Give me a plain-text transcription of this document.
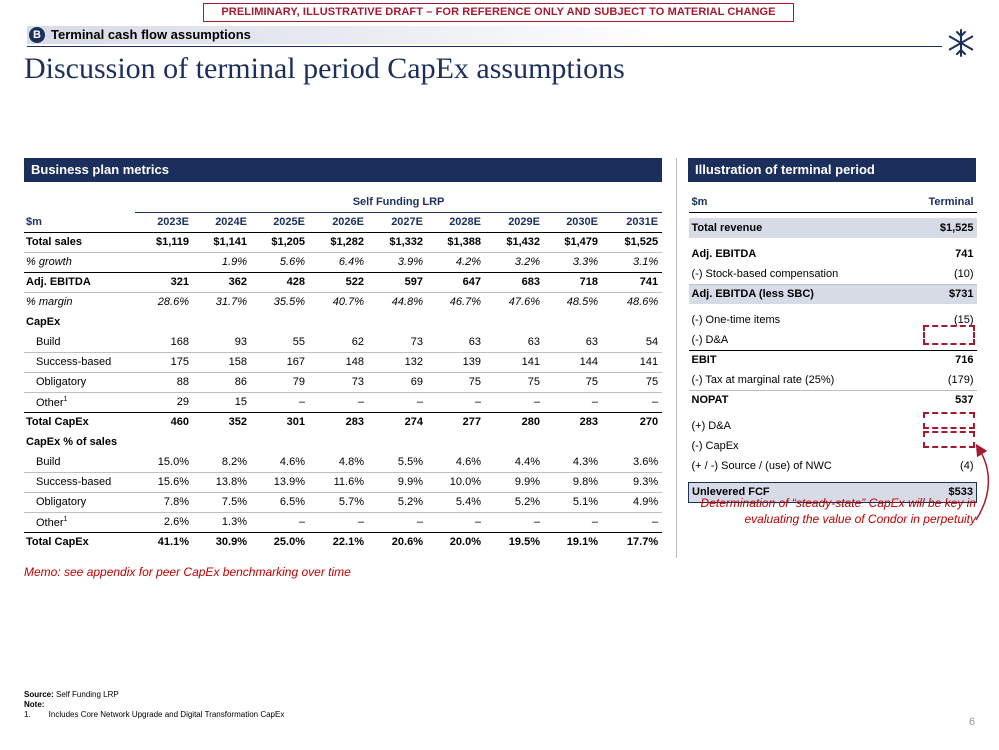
PRELIMINARY, ILLUSTRATIVE DRAFT – FOR REFERENCE ONLY AND SUBJECT TO MATERIAL CHANGE
B Terminal cash flow assumptions
Discussion of terminal period CapEx assumptions
Business plan metrics
	Self Funding LRP								
$m	2023E	2024E	2025E	2026E	2027E	2028E	2029E	2030E	2031E
Total sales	$1,119	$1,141	$1,205	$1,282	$1,332	$1,388	$1,432	$1,479	$1,525
% growth		1.9%	5.6%	6.4%	3.9%	4.2%	3.2%	3.3%	3.1%
Adj. EBITDA	321	362	428	522	597	647	683	718	741
% margin	28.6%	31.7%	35.5%	40.7%	44.8%	46.7%	47.6%	48.5%	48.6%
CapEx									
Build	168	93	55	62	73	63	63	63	54
Success-based	175	158	167	148	132	139	141	144	141
Obligatory	88	86	79	73	69	75	75	75	75
Other$^1$	29	15	–	–	–	–	–	–	–
Total CapEx	460	352	301	283	274	277	280	283	270
CapEx % of sales									
Build	15.0%	8.2%	4.6%	4.8%	5.5%	4.6%	4.4%	4.3%	3.6%
Success-based	15.6%	13.8%	13.9%	11.6%	9.9%	10.0%	9.9%	9.8%	9.3%
Obligatory	7.8%	7.5%	6.5%	5.7%	5.2%	5.4%	5.2%	5.1%	4.9%
Other$^1$	2.6%	1.3%	–	–	–	–	–	–	–
Total CapEx	41.1%	30.9%	25.0%	22.1%	20.6%	20.0%	19.5%	19.1%	17.7%
Memo: see appendix for peer CapEx benchmarking over time
Illustration of terminal period
$m	Terminal

Total revenue	$1,525

Adj. EBITDA	741
(-) Stock-based compensation	(10)
Adj. EBITDA (less SBC)	$731

(-) One-time items	(15)
(-) D&A	
EBIT	716
(-) Tax at marginal rate (25%)	(179)
NOPAT	537

(+) D&A	
(-) CapEx	
(+ / -) Source / (use) of NWC	(4)

Unlevered FCF	$533
Determination of “steady-state” CapEx will be key in evaluating the value of Condor in perpetuity
Source: Self Funding LRP
Note:
1. Includes Core Network Upgrade and Digital Transformation CapEx
6
